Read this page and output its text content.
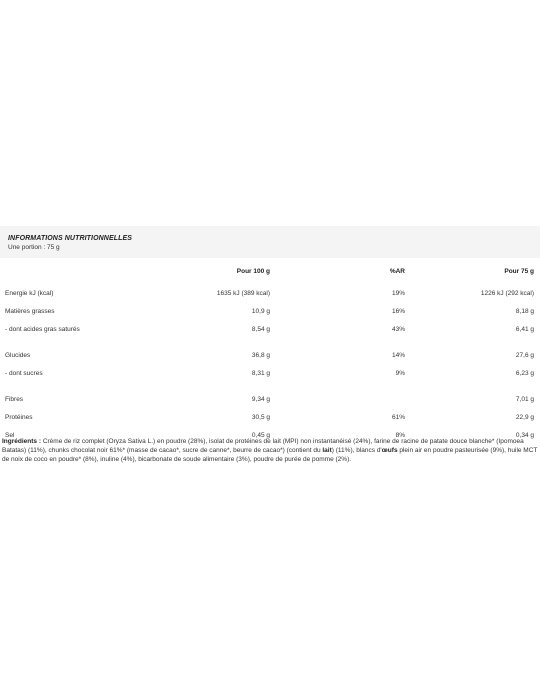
INFORMATIONS NUTRITIONNELLES
Une portion : 75 g
	Pour 100 g	%AR	Pour 75 g
Energie kJ (kcal)	1635 kJ (389 kcal)	19%	1226 kJ (292 kcal)
Matières grasses	10,9 g	16%	8,18 g
- dont acides gras saturés	8,54 g	43%	6,41 g

Glucides	36,8 g	14%	27,6 g
- dont sucres	8,31 g	9%	6,23 g

Fibres	9,34 g		7,01 g
Protéines	30,5 g	61%	22,9 g
Sel	0,45 g	8%	0,34 g
Ingrédients : Crème de riz complet (Oryza Sativa L.) en poudre (28%), isolat de protéines de lait (MPI) non instantanéisé (24%), farine de racine de patate douce blanche* (Ipomoea Batatas) (11%), chunks chocolat noir 61%* (masse de cacao*, sucre de canne*, beurre de cacao*) (contient du lait) (11%), blancs d'œufs plein air en poudre pasteurisée (9%), huile MCT de noix de coco en poudre* (8%), inuline (4%), bicarbonate de soude alimentaire (3%), poudre de purée de pomme (2%).
